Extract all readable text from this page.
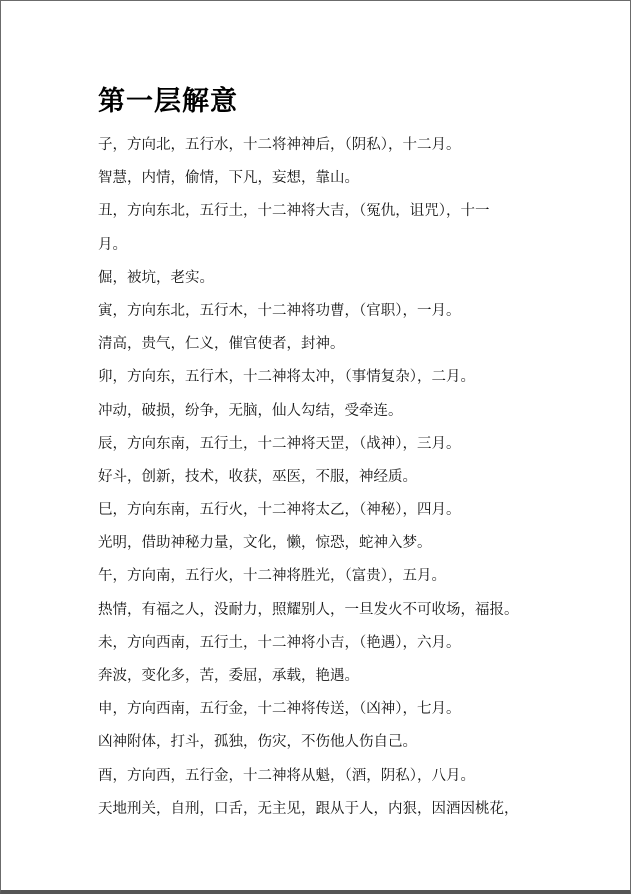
第一层解意
子，方向北，五行水，十二将神神后，（阴私），十二月。
智慧，内情，偷情，下凡，妄想，靠山。
丑，方向东北，五行土，十二神将大吉，（冤仇，诅咒），十一
月。
倔，被坑，老实。
寅，方向东北，五行木，十二神将功曹，（官职），一月。
清高，贵气，仁义，催官使者，封神。
卯，方向东，五行木，十二神将太冲，（事情复杂），二月。
冲动，破损，纷争，无脑，仙人勾结，受牵连。
辰，方向东南，五行土，十二神将天罡，（战神），三月。
好斗，创新，技术，收获，巫医，不服，神经质。
巳，方向东南，五行火，十二神将太乙，（神秘），四月。
光明，借助神秘力量，文化，懒，惊恐，蛇神入梦。
午，方向南，五行火，十二神将胜光，（富贵），五月。
热情，有福之人，没耐力，照耀别人，一旦发火不可收场，福报。
未，方向西南，五行土，十二神将小吉，（艳遇），六月。
奔波，变化多，苦，委屈，承载，艳遇。
申，方向西南，五行金，十二神将传送，（凶神），七月。
凶神附体，打斗，孤独，伤灾，不伤他人伤自己。
酉，方向西，五行金，十二神将从魁，（酒，阴私），八月。
天地刑关，自刑，口舌，无主见，跟从于人，内狠，因酒因桃花，
